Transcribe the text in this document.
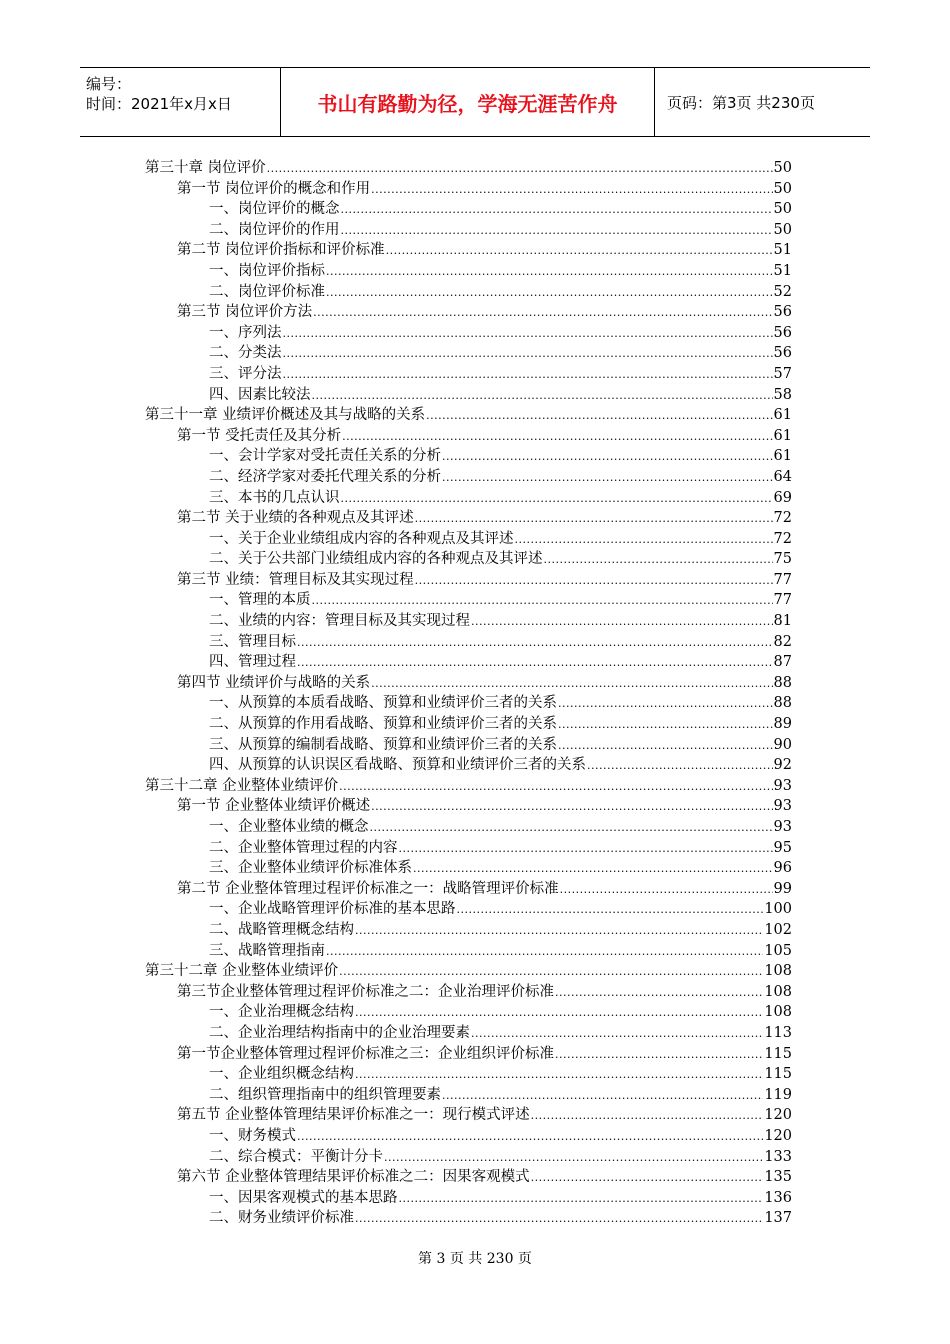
编号：
时间：2021年x月x日	书山有路勤为径，学海无涯苦作舟	页码：第3页 共230页
第三十章 岗位评价 .....	50
第一节 岗位评价的概念和作用 .....	50
一、岗位评价的概念 .....	50
二、岗位评价的作用 .....	50
第二节 岗位评价指标和评价标准 .....	51
一、岗位评价指标 .....	51
二、岗位评价标准 .....	52
第三节 岗位评价方法 .....	56
一、序列法 .....	56
二、分类法 .....	56
三、评分法 .....	57
四、因素比较法 .....	58
第三十一章 业绩评价概述及其与战略的关系 .....	61
第一节 受托责任及其分析 .....	61
一、会计学家对受托责任关系的分析 .....	61
二、经济学家对委托代理关系的分析 .....	64
三、本书的几点认识 .....	69
第二节 关于业绩的各种观点及其评述 .....	72
一、关于企业业绩组成内容的各种观点及其评述 .....	72
二、关于公共部门业绩组成内容的各种观点及其评述 .....	75
第三节 业绩：管理目标及其实现过程 .....	77
一、管理的本质 .....	77
二、业绩的内容：管理目标及其实现过程 .....	81
三、管理目标 .....	82
四、管理过程 .....	87
第四节 业绩评价与战略的关系 .....	88
一、从预算的本质看战略、预算和业绩评价三者的关系 .....	88
二、从预算的作用看战略、预算和业绩评价三者的关系 .....	89
三、从预算的编制看战略、预算和业绩评价三者的关系 .....	90
四、从预算的认识误区看战略、预算和业绩评价三者的关系 .....	92
第三十二章 企业整体业绩评价 .....	93
第一节 企业整体业绩评价概述 .....	93
一、企业整体业绩的概念 .....	93
二、企业整体管理过程的内容 .....	95
三、企业整体业绩评价标准体系 .....	96
第二节 企业整体管理过程评价标准之一：战略管理评价标准 .....	99
一、企业战略管理评价标准的基本思路 .....	100
二、战略管理概念结构 .....	102
三、战略管理指南 .....	105
第三十二章 企业整体业绩评价 .....	108
第三节企业整体管理过程评价标准之二：企业治理评价标准 .....	108
一、企业治理概念结构 .....	108
二、企业治理结构指南中的企业治理要素 .....	113
第一节企业整体管理过程评价标准之三：企业组织评价标准 .....	115
一、企业组织概念结构 .....	115
二、组织管理指南中的组织管理要素 .....	119
第五节 企业整体管理结果评价标准之一：现行模式评述 .....	120
一、财务模式 .....	120
二、综合模式：平衡计分卡 .....	133
第六节 企业整体管理结果评价标准之二：因果客观模式 .....	135
一、因果客观模式的基本思路 .....	136
二、财务业绩评价标准 .....	137
第 3 页 共 230 页
